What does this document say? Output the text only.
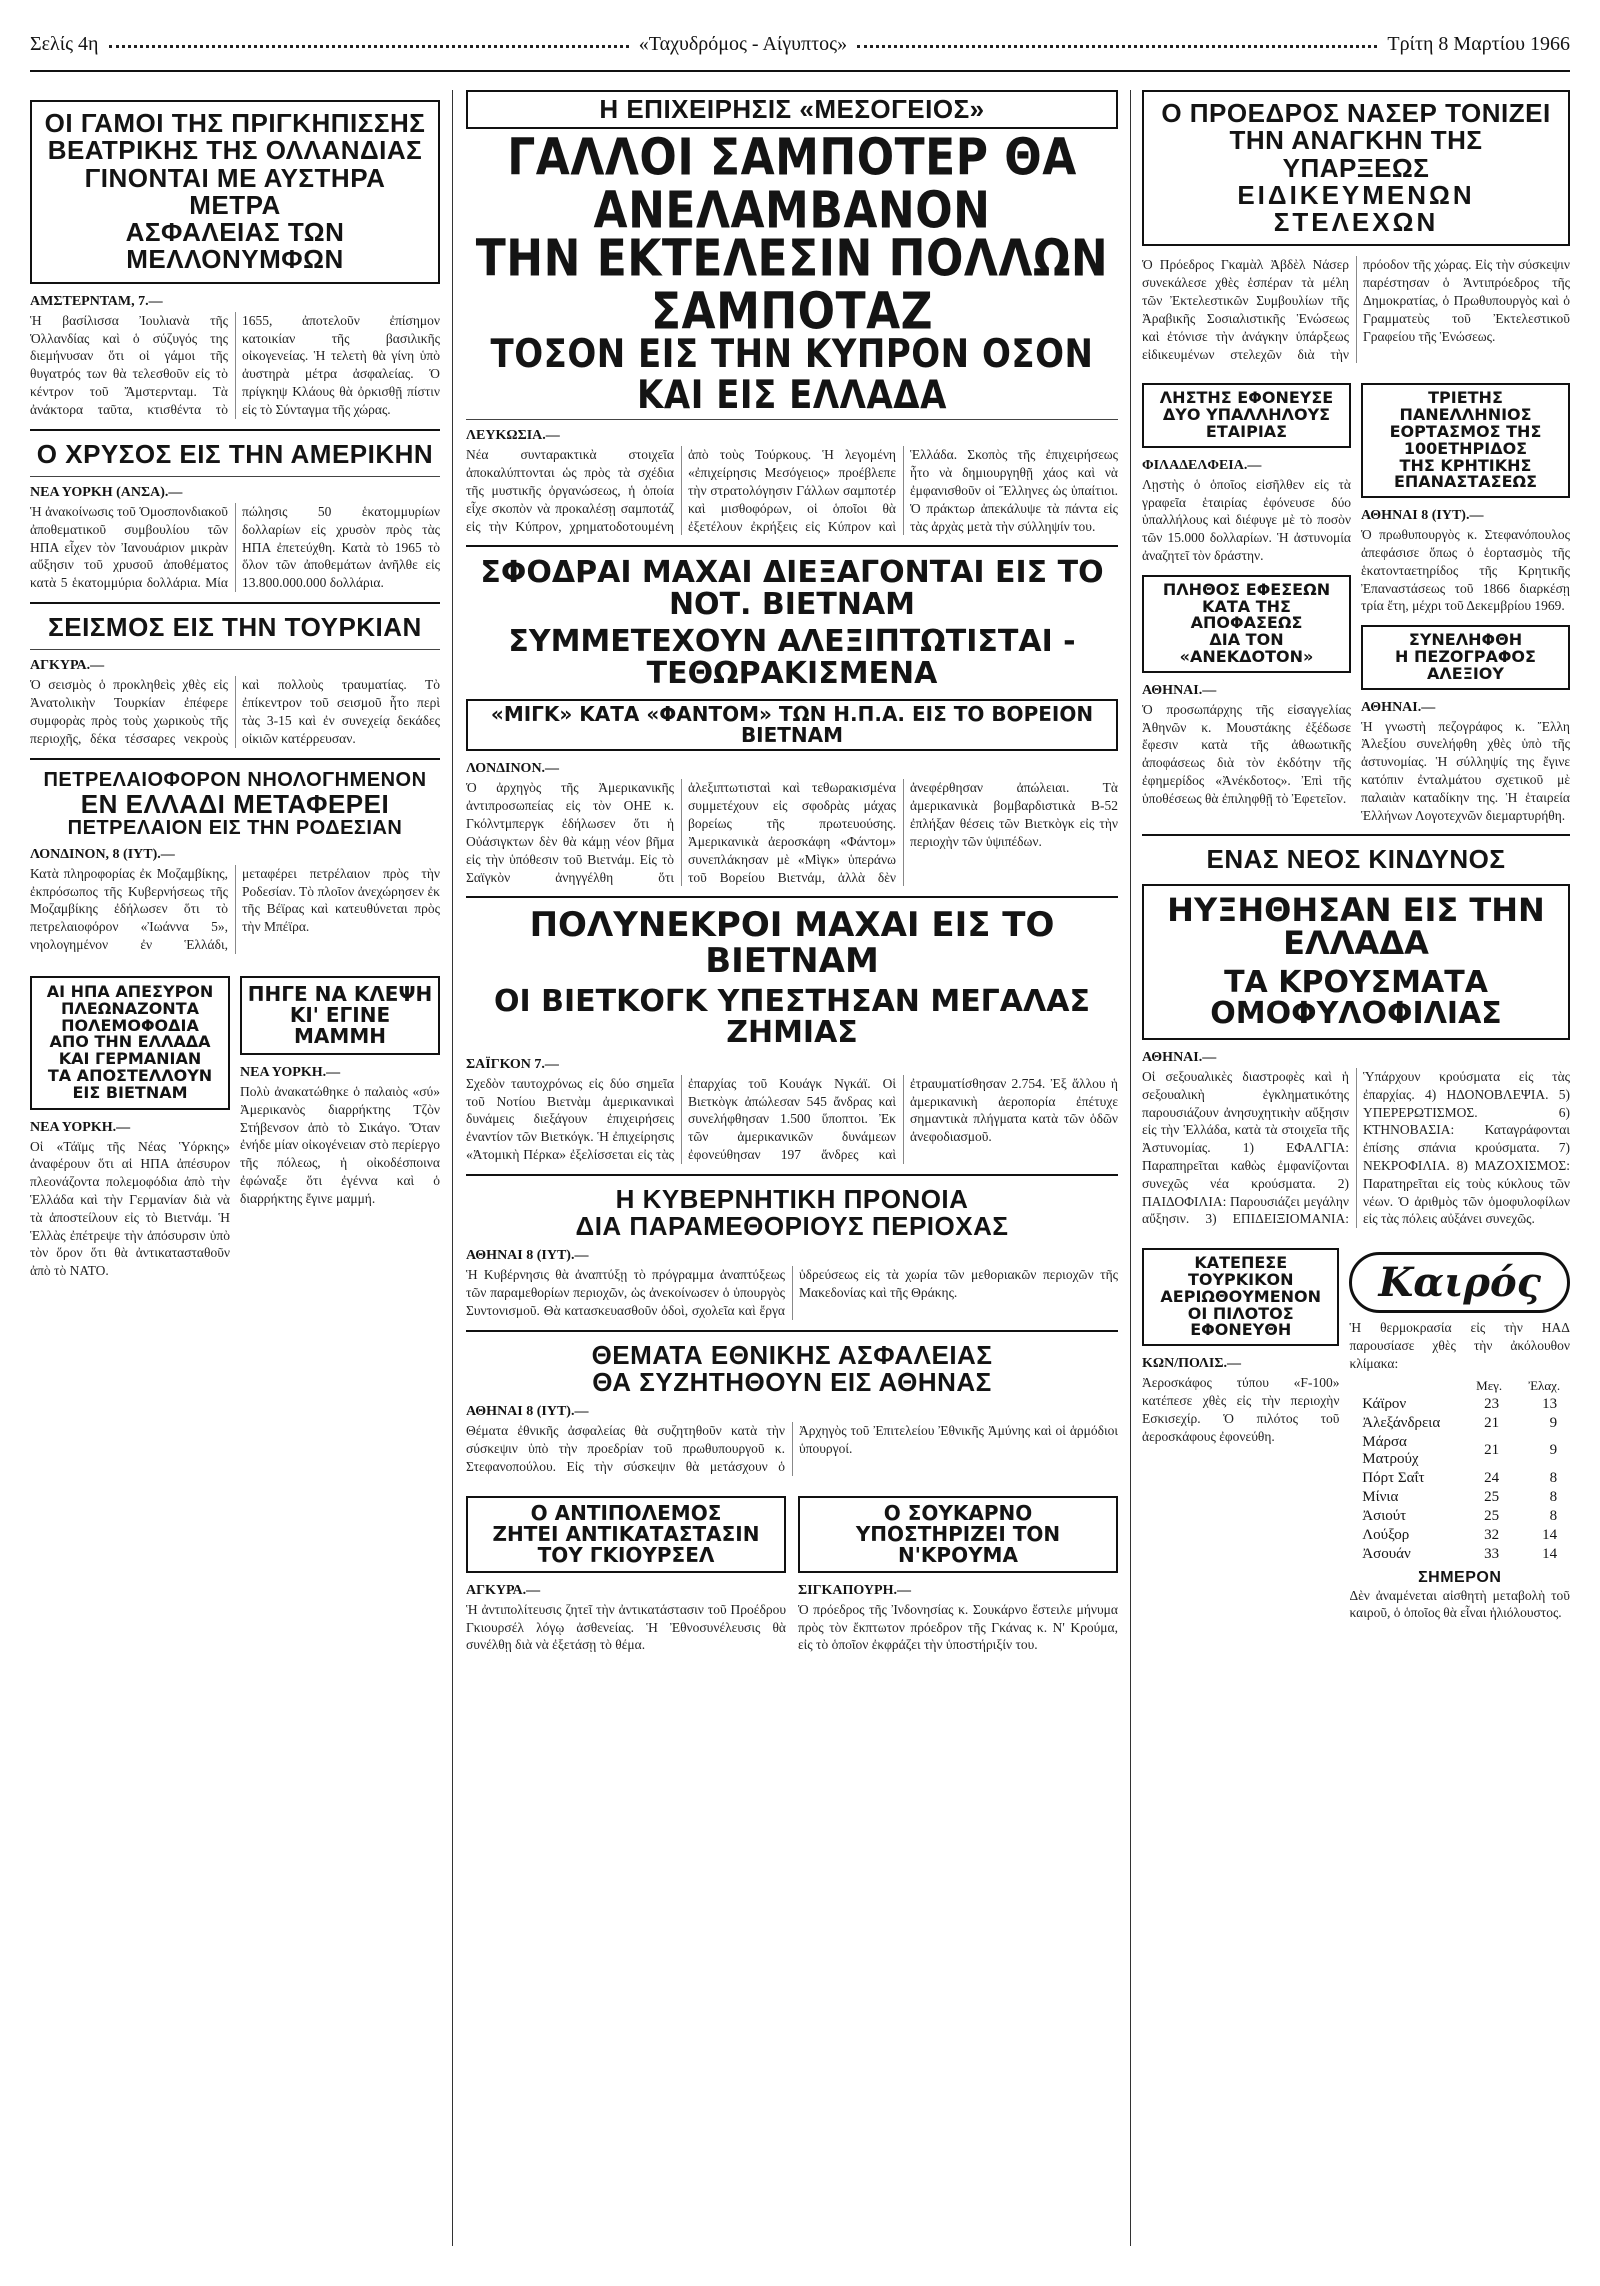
Σελίς 4η	«Ταχυδρόμος - Αίγυπτος»	Τρίτη 8 Μαρτίου 1966

ΟΙ ΓΑΜΟΙ ΤΗΣ ΠΡΙΓΚΗΠΙΣΣΗΣ

ΒΕΑΤΡΙΚΗΣ ΤΗΣ ΟΛΛΑΝΔΙΑΣ

ΓΙΝΟΝΤΑΙ ΜΕ ΑΥΣΤΗΡΑ ΜΕΤΡΑ

ΑΣΦΑΛΕΙΑΣ ΤΩΝ ΜΕΛΛΟΝΥΜΦΩΝ

ΑΜΣΤΕΡΝΤΑΜ, 7.—

Ἡ βασίλισσα Ἰουλιανὰ τῆς Ὁλλανδίας καὶ ὁ σύζυγός της διεμήνυσαν ὅτι οἱ γάμοι τῆς θυγατρός των θὰ τελεσθοῦν εἰς τὸ κέντρον τοῦ Ἄμστερνταμ. Τὰ ἀνάκτορα ταῦτα, κτισθέντα τὸ 1655, ἀποτελοῦν ἐπίσημον κατοικίαν τῆς βασιλικῆς οἰκογενείας. Ἡ τελετὴ θὰ γίνη ὑπὸ ἀυστηρὰ μέτρα ἀσφαλείας. Ὁ πρίγκηψ Κλάους θὰ ὀρκισθῇ πίστιν εἰς τὸ Σύνταγμα τῆς χώρας.

Ο ΧΡΥΣΟΣ ΕΙΣ ΤΗΝ ΑΜΕΡΙΚΗΝ

ΝΕΑ ΥΟΡΚΗ (ΑΝΣΑ).—

Ἡ ἀνακοίνωσις τοῦ Ὁμοσπονδιακοῦ ἀποθεματικοῦ συμβουλίου τῶν ΗΠΑ εἶχεν τὸν Ἰανουάριον μικρὰν αὔξησιν τοῦ χρυσοῦ ἀποθέματος κατὰ 5 ἑκατομμύρια δολλάρια. Μία πώλησις 50 ἑκατομμυρίων δολλαρίων εἰς χρυσὸν πρὸς τὰς ΗΠΑ ἐπετεύχθη. Κατὰ τὸ 1965 τὸ ὅλον τῶν ἀποθεμάτων ἀνῆλθε εἰς 13.800.000.000 δολλάρια.

ΣΕΙΣΜΟΣ ΕΙΣ ΤΗΝ ΤΟΥΡΚΙΑΝ

ΑΓΚΥΡΑ.—

Ὁ σεισμὸς ὁ προκληθεὶς χθὲς εἰς Ἀνατολικὴν Τουρκίαν ἐπέφερε συμφορὰς πρὸς τοὺς χωρικοὺς τῆς περιοχῆς, δέκα τέσσαρες νεκροὺς καὶ πολλοὺς τραυματίας. Τὸ ἐπίκεντρον τοῦ σεισμοῦ ἦτο περὶ τὰς 3-15 καὶ ἐν συνεχείᾳ δεκάδες οἰκιῶν κατέρρευσαν.

ΠΕΤΡΕΛΑΙΟΦΟΡΟΝ ΝΗΟΛΟΓΗΜΕΝΟΝ

ΕΝ ΕΛΛΑΔΙ ΜΕΤΑΦΕΡΕΙ

ΠΕΤΡΕΛΑΙΟΝ ΕΙΣ ΤΗΝ ΡΟΔΕΣΙΑΝ

ΛΟΝΔΙΝΟΝ, 8 (ΙΥΤ).—

Κατὰ πληροφορίας ἐκ Μοζαμβίκης, ἐκπρόσωπος τῆς Κυβερνήσεως τῆς Μοζαμβίκης ἐδήλωσεν ὅτι τὸ πετρελαιοφόρον «Ἰωάννα 5», νηολογημένον ἐν Ἑλλάδι, μεταφέρει πετρέλαιον πρὸς τὴν Ροδεσίαν. Τὸ πλοῖον ἀνεχώρησεν ἐκ τῆς Βέϊρας καὶ κατευθύνεται πρὸς τὴν Μπέϊρα.

ΑΙ ΗΠΑ ΑΠΕΣΥΡΟΝ

ΠΛΕΩΝΑΖΟΝΤΑ ΠΟΛΕΜΟΦΟΔΙΑ

ΑΠΟ ΤΗΝ ΕΛΛΑΔΑ ΚΑΙ ΓΕΡΜΑΝΙΑΝ

ΤΑ ΑΠΟΣΤΕΛΛΟΥΝ ΕΙΣ ΒΙΕΤΝΑΜ

ΝΕΑ ΥΟΡΚΗ.—

Οἱ «Τάϊμς τῆς Νέας Ὑόρκης» ἀναφέρουν ὅτι αἱ ΗΠΑ ἀπέσυρον πλεονάζοντα πολεμοφόδια ἀπὸ τὴν Ἑλλάδα καὶ τὴν Γερμανίαν διὰ νὰ τὰ ἀποστείλουν εἰς τὸ Βιετνάμ. Ἡ Ἑλλὰς ἐπέτρεψε τὴν ἀπόσυρσιν ὑπὸ τὸν ὅρον ὅτι θὰ ἀντικατασταθοῦν ἀπὸ τὸ ΝΑΤΟ.

ΠΗΓΕ ΝΑ ΚΛΕΨΗ

ΚΙ' ΕΓΙΝΕ ΜΑΜΜΗ

ΝΕΑ ΥΟΡΚΗ.—

Πολὺ ἀνακατώθηκε ὁ παλαιὸς «σύ» Ἀμερικανὸς διαρρήκτης Τζὸν Στήβενσον ἀπὸ τὸ Σικάγο. Ὅταν ἐνήδε μίαν οἰκογένειαν στὸ περίεργο τῆς πόλεως, ἡ οἰκοδέσποινα ἐφώναξε ὅτι ἐγέννα καὶ ὁ διαρρήκτης ἔγινε μαμμή.

Η ΕΠΙΧΕΙΡΗΣΙΣ «ΜΕΣΟΓΕΙΟΣ»

ΓΑΛΛΟΙ ΣΑΜΠΟΤΕΡ ΘΑ ΑΝΕΛΑΜΒΑΝΟΝ

ΤΗΝ ΕΚΤΕΛΕΣΙΝ ΠΟΛΛΩΝ ΣΑΜΠΟΤΑΖ

ΤΟΣΟΝ ΕΙΣ ΤΗΝ ΚΥΠΡΟΝ ΟΣΟΝ ΚΑΙ ΕΙΣ ΕΛΛΑΔΑ

ΛΕΥΚΩΣΙΑ.—

Νέα συνταρακτικὰ στοιχεῖα ἀποκαλύπτονται ὡς πρὸς τὰ σχέδια τῆς μυστικῆς ὀργανώσεως, ἡ ὁποία εἶχε σκοπὸν νὰ προκαλέσῃ σαμποτάζ εἰς τὴν Κύπρον, χρηματοδοτουμένη ἀπὸ τοὺς Τούρκους. Ἡ λεγομένη «ἐπιχείρησις Μεσόγειος» προέβλεπε τὴν στρατολόγησιν Γάλλων σαμποτέρ καὶ μισθοφόρων, οἱ ὁποῖοι θὰ ἐξετέλουν ἐκρήξεις εἰς Κύπρον καὶ Ἑλλάδα. Σκοπὸς τῆς ἐπιχειρήσεως ἦτο νὰ δημιουργηθῇ χάος καὶ νὰ ἐμφανισθοῦν οἱ Ἕλληνες ὡς ὑπαίτιοι. Ὁ πράκτωρ ἀπεκάλυψε τὰ πάντα εἰς τὰς ἀρχὰς μετὰ τὴν σύλληψίν του.

ΣΦΟΔΡΑΙ ΜΑΧΑΙ ΔΙΕΞΑΓΟΝΤΑΙ ΕΙΣ ΤΟ ΝΟΤ. ΒΙΕΤΝΑΜ

ΣΥΜΜΕΤΕΧΟΥΝ ΑΛΕΞΙΠΤΩΤΙΣΤΑΙ - ΤΕΘΩΡΑΚΙΣΜΕΝΑ

«ΜΙΓΚ» ΚΑΤΑ «ΦΑΝΤΟΜ» ΤΩΝ Η.Π.Α. ΕΙΣ ΤΟ ΒΟΡΕΙΟΝ ΒΙΕΤΝΑΜ

ΛΟΝΔΙΝΟΝ.—

Ὁ ἀρχηγὸς τῆς Ἀμερικανικῆς ἀντιπροσωπείας εἰς τὸν ΟΗΕ κ. Γκόλντμπεργκ ἐδήλωσεν ὅτι ἡ Οὐάσιγκτων δὲν θὰ κάμῃ νέον βῆμα εἰς τὴν ὑπόθεσιν τοῦ Βιετνάμ. Εἰς τὸ Σαϊγκὸν ἀνηγγέλθη ὅτι ἀλεξιπτωτισταὶ καὶ τεθωρακισμένα συμμετέχουν εἰς σφοδρὰς μάχας βορείως τῆς πρωτευούσης. Ἀμερικανικὰ ἀεροσκάφη «Φάντομ» συνεπλάκησαν μὲ «Μὶγκ» ὑπεράνω τοῦ Βορείου Βιετνάμ, ἀλλὰ δὲν ἀνεφέρθησαν ἀπώλειαι. Τὰ ἀμερικανικὰ βομβαρδιστικὰ Β-52 ἐπλήξαν θέσεις τῶν Βιετκὸγκ εἰς τὴν περιοχὴν τῶν ὑψιπέδων.

ΠΟΛΥΝΕΚΡΟΙ ΜΑΧΑΙ ΕΙΣ ΤΟ ΒΙΕΤΝΑΜ

ΟΙ ΒΙΕΤΚΟΓΚ ΥΠΕΣΤΗΣΑΝ ΜΕΓΑΛΑΣ ΖΗΜΙΑΣ

ΣΑΪΓΚΟΝ 7.—

Σχεδὸν ταυτοχρόνως εἰς δύο σημεῖα τοῦ Νοτίου Βιετνὰμ ἀμερικανικαὶ δυνάμεις διεξάγουν ἐπιχειρήσεις ἐναντίον τῶν Βιετκόγκ. Ἡ ἐπιχείρησις «Ἀτομικὴ Πέρκα» ἐξελίσσεται εἰς τὰς ἐπαρχίας τοῦ Κουάγκ Νγκάϊ. Οἱ Βιετκὸγκ ἀπώλεσαν 545 ἄνδρας καὶ συνελήφθησαν 1.500 ὕποπτοι. Ἐκ τῶν ἀμερικανικῶν δυνάμεων ἐφονεύθησαν 197 ἄνδρες καὶ ἐτραυματίσθησαν 2.754. Ἐξ ἄλλου ἡ ἀμερικανικὴ ἀεροπορία ἐπέτυχε σημαντικὰ πλήγματα κατὰ τῶν ὁδῶν ἀνεφοδιασμοῦ.

Η ΚΥΒΕΡΝΗΤΙΚΗ ΠΡΟΝΟΙΑ

ΔΙΑ ΠΑΡΑΜΕΘΟΡΙΟΥΣ ΠΕΡΙΟΧΑΣ

ΑΘΗΝΑΙ 8 (ΙΥΤ).—

Ἡ Κυβέρνησις θὰ ἀναπτύξῃ τὸ πρόγραμμα ἀναπτύξεως τῶν παραμεθορίων περιοχῶν, ὡς ἀνεκοίνωσεν ὁ ὑπουργὸς Συντονισμοῦ. Θὰ κατασκευασθοῦν ὁδοὶ, σχολεῖα καὶ ἔργα ὑδρεύσεως εἰς τὰ χωρία τῶν μεθοριακῶν περιοχῶν τῆς Μακεδονίας καὶ τῆς Θράκης.

ΘΕΜΑΤΑ ΕΘΝΙΚΗΣ ΑΣΦΑΛΕΙΑΣ

ΘΑ ΣΥΖΗΤΗΘΟΥΝ ΕΙΣ ΑΘΗΝΑΣ

ΑΘΗΝΑΙ 8 (ΙΥΤ).—

Θέματα ἐθνικῆς ἀσφαλείας θὰ συζητηθοῦν κατὰ τὴν σύσκεψιν ὑπὸ τὴν προεδρίαν τοῦ πρωθυπουργοῦ κ. Στεφανοπούλου. Εἰς τὴν σύσκεψιν θὰ μετάσχουν ὁ Ἀρχηγὸς τοῦ Ἐπιτελείου Ἐθνικῆς Ἀμύνης καὶ οἱ ἁρμόδιοι ὑπουργοί.

Ο ΑΝΤΙΠΟΛΕΜΟΣ

ΖΗΤΕΙ ΑΝΤΙΚΑΤΑΣΤΑΣΙΝ

ΤΟΥ ΓΚΙΟΥΡΣΕΛ

ΑΓΚΥΡΑ.—

Ἡ ἀντιπολίτευσις ζητεῖ τὴν ἀντικατάστασιν τοῦ Προέδρου Γκιουρσέλ λόγῳ ἀσθενείας. Ἡ Ἐθνοσυνέλευσις θὰ συνέλθῃ διὰ νὰ ἐξετάσῃ τὸ θέμα.

Ο ΣΟΥΚΑΡΝΟ

ΥΠΟΣΤΗΡΙΖΕΙ ΤΟΝ Ν'ΚΡΟΥΜΑ

ΣΙΓΚΑΠΟΥΡΗ.—

Ὁ πρόεδρος τῆς Ἰνδονησίας κ. Σουκάρνο ἔστειλε μήνυμα πρὸς τὸν ἔκπτωτον πρόεδρον τῆς Γκάνας κ. Ν' Κρούμα, εἰς τὸ ὁποῖον ἐκφράζει τὴν ὑποστήριξίν του.

Ο ΠΡΟΕΔΡΟΣ ΝΑΣΕΡ ΤΟΝΙΖΕΙ

ΤΗΝ ΑΝΑΓΚΗΝ ΤΗΣ ΥΠΑΡΞΕΩΣ

ΕΙΔΙΚΕΥΜΕΝΩΝ ΣΤΕΛΕΧΩΝ

Ὁ Πρόεδρος Γκαμὰλ Ἀβδὲλ Νάσερ συνεκάλεσε χθὲς ἑσπέραν τὰ μέλη τῶν Ἐκτελεστικῶν Συμβουλίων τῆς Ἀραβικῆς Σοσιαλιστικῆς Ἑνώσεως καὶ ἐτόνισε τὴν ἀνάγκην ὑπάρξεως εἰδικευμένων στελεχῶν διὰ τὴν πρόοδον τῆς χώρας. Εἰς τὴν σύσκεψιν παρέστησαν ὁ Ἀντιπρόεδρος τῆς Δημοκρατίας, ὁ Πρωθυπουργὸς καὶ ὁ Γραμματεὺς τοῦ Ἐκτελεστικοῦ Γραφείου τῆς Ἑνώσεως.

ΛΗΣΤΗΣ ΕΦΟΝΕΥΣΕ

ΔΥΟ ΥΠΑΛΛΗΛΟΥΣ ΕΤΑΙΡΙΑΣ

ΦΙΛΑΔΕΛΦΕΙΑ.—

Λῃστὴς ὁ ὁποῖος εἰσῆλθεν εἰς τὰ γραφεῖα ἑταιρίας ἐφόνευσε δύο ὑπαλλήλους καὶ διέφυγε μὲ τὸ ποσὸν τῶν 15.000 δολλαρίων. Ἡ ἀστυνομία ἀναζητεῖ τὸν δράστην.

ΠΛΗΘΟΣ ΕΦΕΣΕΩΝ

ΚΑΤΑ ΤΗΣ ΑΠΟΦΑΣΕΩΣ

ΔΙΑ ΤΟΝ «ΑΝΕΚΔΟΤΟΝ»

ΑΘΗΝΑΙ.—

Ὁ προσωπάρχης τῆς εἰσαγγελίας Ἀθηνῶν κ. Μουστάκης ἐξέδωσε ἔφεσιν κατὰ τῆς ἀθωωτικῆς ἀποφάσεως διὰ τὸν ἐκδότην τῆς ἐφημερίδος «Ἀνέκδοτος». Ἐπὶ τῆς ὑποθέσεως θὰ ἐπιληφθῇ τὸ Ἐφετεῖον.

ΤΡΙΕΤΗΣ ΠΑΝΕΛΛΗΝΙΟΣ

ΕΟΡΤΑΣΜΟΣ ΤΗΣ 100ΕΤΗΡΙΔΟΣ

ΤΗΣ ΚΡΗΤΙΚΗΣ ΕΠΑΝΑΣΤΑΣΕΩΣ

ΑΘΗΝΑΙ 8 (ΙΥΤ).—

Ὁ πρωθυπουργὸς κ. Στεφανόπουλος ἀπεφάσισε ὅπως ὁ ἑορτασμὸς τῆς ἑκατονταετηρίδος τῆς Κρητικῆς Ἐπαναστάσεως τοῦ 1866 διαρκέσῃ τρία ἔτη, μέχρι τοῦ Δεκεμβρίου 1969.

ΣΥΝΕΛΗΦΘΗ

Η ΠΕΖΟΓΡΑΦΟΣ ΑΛΕΞΙΟΥ

ΑΘΗΝΑΙ.—

Ἡ γνωστὴ πεζογράφος κ. Ἔλλη Ἀλεξίου συνελήφθη χθὲς ὑπὸ τῆς ἀστυνομίας. Ἡ σύλληψίς της ἔγινε κατόπιν ἐνταλμάτου σχετικοῦ μὲ παλαιὰν καταδίκην της. Ἡ ἑταιρεία Ἑλλήνων Λογοτεχνῶν διεμαρτυρήθη.

ΕΝΑΣ ΝΕΟΣ ΚΙΝΔΥΝΟΣ

ΗΥΞΗΘΗΣΑΝ ΕΙΣ ΤΗΝ ΕΛΛΑΔΑ

ΤΑ ΚΡΟΥΣΜΑΤΑ ΟΜΟΦΥΛΟΦΙΛΙΑΣ

ΑΘΗΝΑΙ.—

Οἱ σεξουαλικὲς διαστροφὲς καὶ ἡ σεξουαλικὴ ἐγκληματικότης παρουσιάζουν ἀνησυχητικὴν αὔξησιν εἰς τὴν Ἑλλάδα, κατὰ τὰ στοιχεῖα τῆς Ἀστυνομίας. 1) ΕΦΑΛΓΙΑ: Παραπηρεῖται καθὼς ἐμφανίζονται συνεχῶς νέα κρούσματα. 2) ΠΑΙΔΟΦΙΛΙΑ: Παρουσιάζει μεγάλην αὔξησιν. 3) ΕΠΙΔΕΙΞΙΟΜΑΝΙΑ: Ὑπάρχουν κρούσματα εἰς τὰς ἐπαρχίας. 4) ΗΔΟΝΟΒΛΕΨΙΑ. 5) ΥΠΕΡΕΡΩΤΙΣΜΟΣ. 6) ΚΤΗΝΟΒΑΣΙΑ: Καταγράφονται ἐπίσης σπάνια κρούσματα. 7) ΝΕΚΡΟΦΙΛΙΑ. 8) ΜΑΖΟΧΙΣΜΟΣ: Παρατηρεῖται εἰς τοὺς κύκλους τῶν νέων. Ὁ ἀριθμὸς τῶν ὁμοφυλοφίλων εἰς τὰς πόλεις αὐξάνει συνεχῶς.

ΚΑΤΕΠΕΣΕ

ΤΟΥΡΚΙΚΟΝ ΑΕΡΙΩΘΟΥΜΕΝΟΝ

ΟΙ ΠΙΛΟΤΟΣ ΕΦΟΝΕΥΘΗ

ΚΩΝ/ΠΟΛΙΣ.—

Ἀεροσκάφος τύπου «F-100» κατέπεσε χθὲς εἰς τὴν περιοχὴν Εσκισεχίρ. Ὁ πιλότος τοῦ ἀεροσκάφους ἐφονεύθη.

Καιρός

Ἡ θερμοκρασία εἰς τὴν ΗΑΔ παρουσίασε χθὲς τὴν ἀκόλουθον κλίμακα:

	Μεγ.	Ἐλαχ.
Κάϊρον	23	13
Ἀλεξάνδρεια	21	9
Μάρσα Ματρούχ	21	9
Πόρτ Σαΐτ	24	8
Μίνια	25	8
Ἀσιούτ	25	8
Λούξορ	32	14
Ἀσουάν	33	14

ΣΗΜΕΡΟΝ

Δὲν ἀναμένεται αἰσθητὴ μεταβολὴ τοῦ καιροῦ, ὁ ὁποῖος θὰ εἶναι ἡλιόλουστος.
